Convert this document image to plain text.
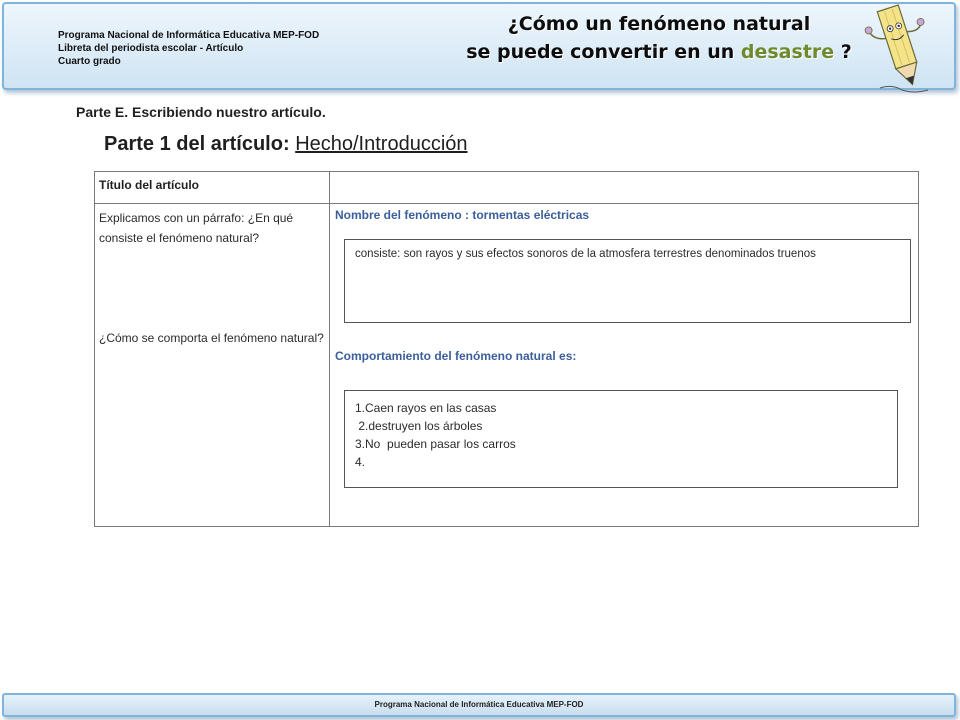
Programa Nacional de Informática Educativa MEP-FOD
Libreta del periodista escolar - Artículo
Cuarto grado
¿Cómo un fenómeno natural
se puede convertir en un desastre ?
Parte E. Escribiendo nuestro artículo.
Parte 1 del artículo: Hecho/Introducción
Título del artículo
Explicamos con un párrafo: ¿En qué consiste el fenómeno natural?
¿Cómo se comporta el fenómeno natural?
Nombre del fenómeno : tormentas eléctricas
consiste: son rayos y sus efectos sonoros de la atmosfera terrestres denominados truenos
Comportamiento del fenómeno natural es:
1.Caen rayos en las casas
2.destruyen los árboles
3.No  pueden pasar los carros
4.
Programa Nacional de Informática Educativa MEP-FOD
